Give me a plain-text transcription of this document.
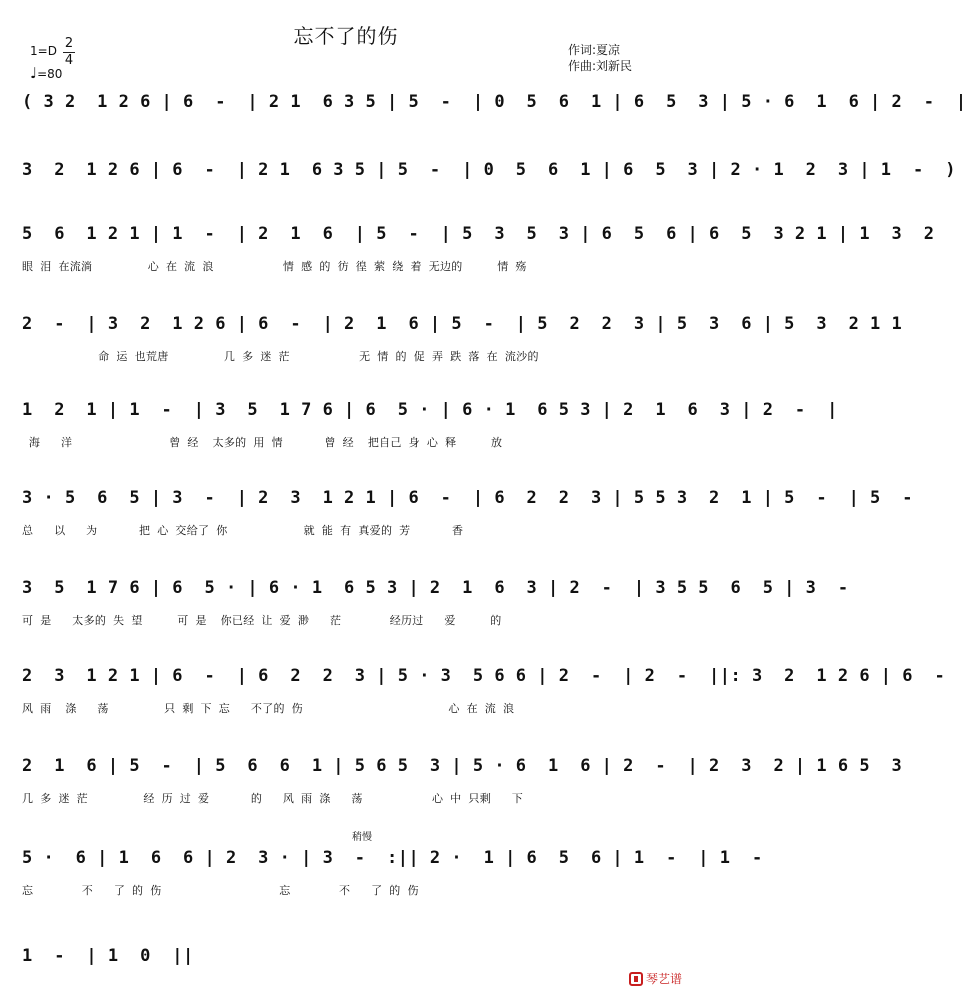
忘不了的伤
1=D 2
4
♩=80
作词:夏凉
作曲:刘新民
( 3 2  1 2 6 | 6  -  | 2 1  6 3 5 | 5  -  | 0  5  6  1 | 6  5  3 | 5 · 6  1  6 | 2  -  |
3  2  1 2 6 | 6  -  | 2 1  6 3 5 | 5  -  | 0  5  6  1 | 6  5  3 | 2 · 1  2  3 | 1  -  )
5  6  1 2 1 | 1  -  | 2  1  6  | 5  -  | 5  3  5  3 | 6  5  6 | 6  5  3 2 1 | 1  3  2
眼 泪 在流淌        心 在 流 浪          情 感 的 彷 徨 萦 绕 着 无边的     情 殇
2  -  | 3  2  1 2 6 | 6  -  | 2  1  6 | 5  -  | 5  2  2  3 | 5  3  6 | 5  3  2 1 1
命 运 也荒唐        几 多 迷 茫          无 情 的 促 弄 跌 落 在 流沙的
1  2  1 | 1  -  | 3  5  1 7 6 | 6  5 · | 6 · 1  6 5 3 | 2  1  6  3 | 2  -  |
海   洋              曾 经  太多的 用 情      曾 经  把自己 身 心 释     放
3 · 5  6  5 | 3  -  | 2  3  1 2 1 | 6  -  | 6  2  2  3 | 5 5 3  2  1 | 5  -  | 5  -
总   以   为      把 心 交给了 你           就 能 有 真爱的 芳      香
3  5  1 7 6 | 6  5 · | 6 · 1  6 5 3 | 2  1  6  3 | 2  -  | 3 5 5  6  5 | 3  -
可 是   太多的 失 望     可 是  你已经 让 爱 渺   茫       经历过   爱     的
2  3  1 2 1 | 6  -  | 6  2  2  3 | 5 · 3  5 6 6 | 2  -  | 2  -  ||: 3  2  1 2 6 | 6  -
风 雨  涤   荡        只 剩 下 忘   不了的 伤                     心 在 流 浪
2  1  6 | 5  -  | 5  6  6  1 | 5 6 5  3 | 5 · 6  1  6 | 2  -  | 2  3  2 | 1 6 5  3
几 多 迷 茫        经 历 过 爱      的   风 雨 涤   荡          心 中 只剩   下
稍慢
5 ·  6 | 1  6  6 | 2  3 · | 3  -  :|| 2 ·  1 | 6  5  6 | 1  -  | 1  -
忘       不   了 的 伤                 忘       不   了 的 伤
1  -  | 1  0  ||
琴艺谱
